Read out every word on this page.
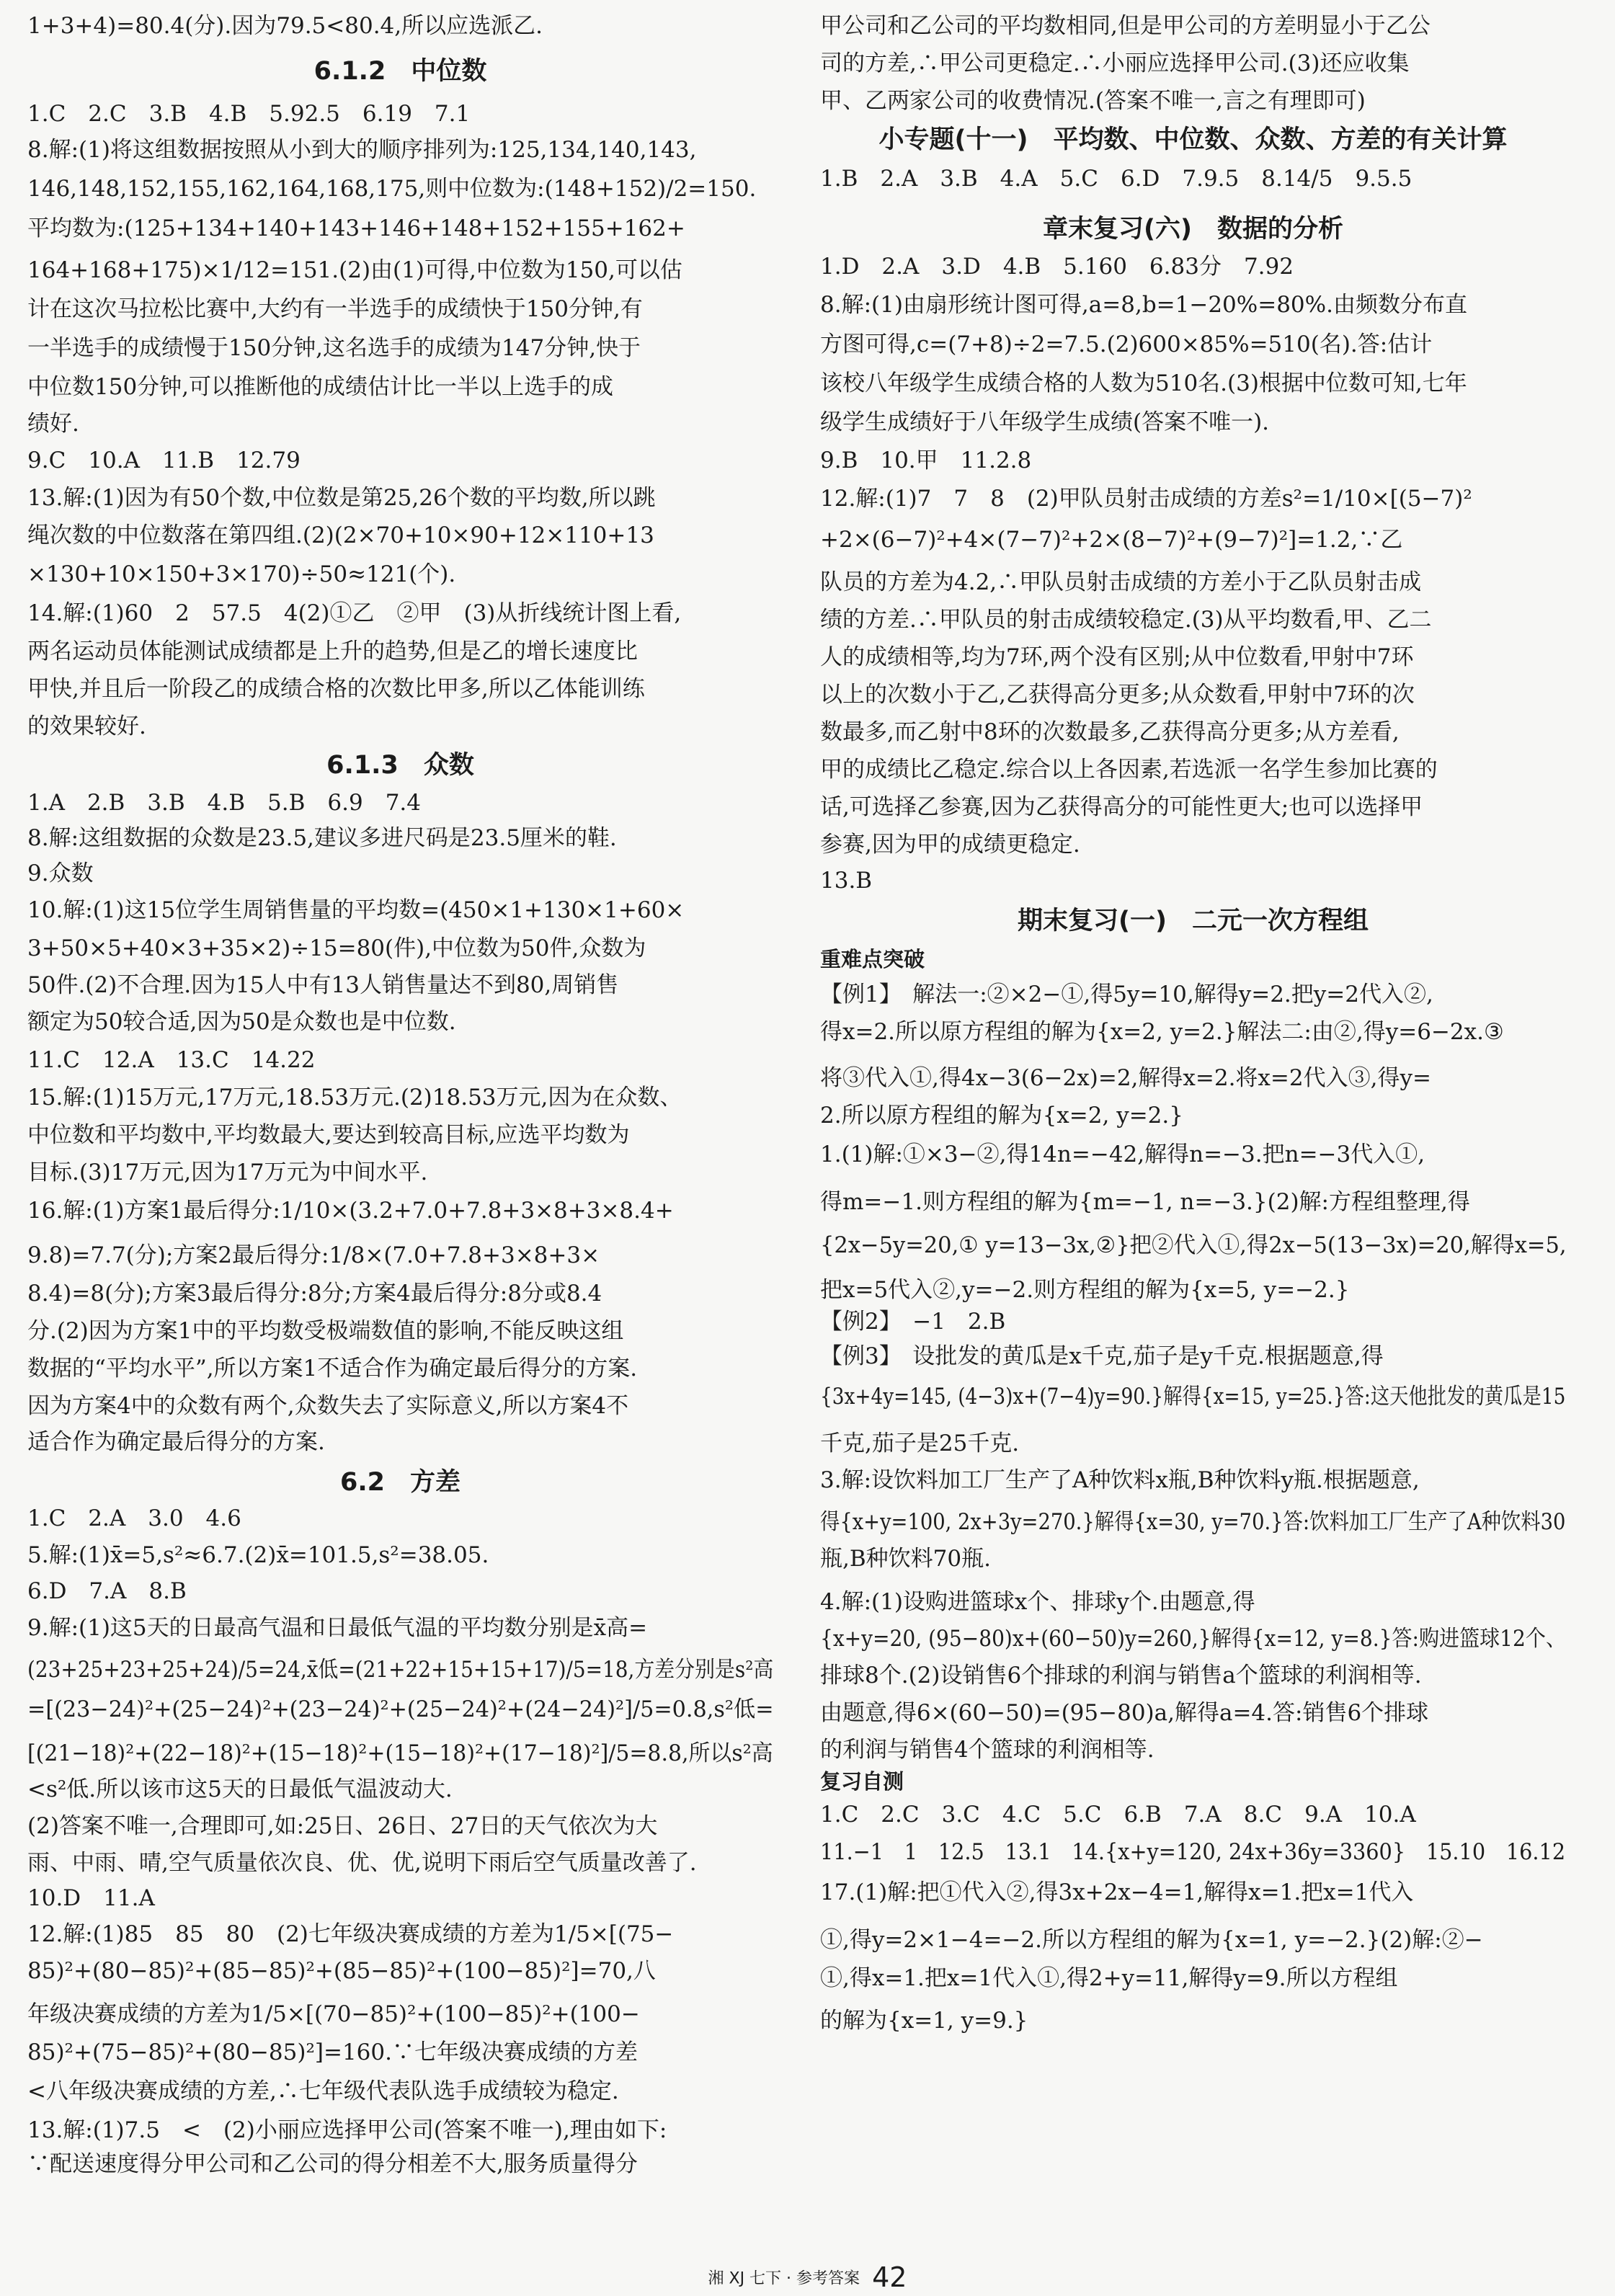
1+3+4)=80.4(分).因为79.5<80.4,所以应选派乙.
6.1.2　中位数
1.C　2.C　3.B　4.B　5.92.5　6.19　7.1
8.解:(1)将这组数据按照从小到大的顺序排列为:125,134,140,143,
146,148,152,155,162,164,168,175,则中位数为:(148+152)/2=150.
平均数为:(125+134+140+143+146+148+152+155+162+
164+168+175)×1/12=151.(2)由(1)可得,中位数为150,可以估
计在这次马拉松比赛中,大约有一半选手的成绩快于150分钟,有
一半选手的成绩慢于150分钟,这名选手的成绩为147分钟,快于
中位数150分钟,可以推断他的成绩估计比一半以上选手的成
绩好.
9.C　10.A　11.B　12.79
13.解:(1)因为有50个数,中位数是第25,26个数的平均数,所以跳
绳次数的中位数落在第四组.(2)(2×70+10×90+12×110+13
×130+10×150+3×170)÷50≈121(个).
14.解:(1)60　2　57.5　4(2)①乙　②甲　(3)从折线统计图上看,
两名运动员体能测试成绩都是上升的趋势,但是乙的增长速度比
甲快,并且后一阶段乙的成绩合格的次数比甲多,所以乙体能训练
的效果较好.
6.1.3　众数
1.A　2.B　3.B　4.B　5.B　6.9　7.4
8.解:这组数据的众数是23.5,建议多进尺码是23.5厘米的鞋.
9.众数
10.解:(1)这15位学生周销售量的平均数=(450×1+130×1+60×
3+50×5+40×3+35×2)÷15=80(件),中位数为50件,众数为
50件.(2)不合理.因为15人中有13人销售量达不到80,周销售
额定为50较合适,因为50是众数也是中位数.
11.C　12.A　13.C　14.22
15.解:(1)15万元,17万元,18.53万元.(2)18.53万元,因为在众数、
中位数和平均数中,平均数最大,要达到较高目标,应选平均数为
目标.(3)17万元,因为17万元为中间水平.
16.解:(1)方案1最后得分:1/10×(3.2+7.0+7.8+3×8+3×8.4+
9.8)=7.7(分);方案2最后得分:1/8×(7.0+7.8+3×8+3×
8.4)=8(分);方案3最后得分:8分;方案4最后得分:8分或8.4
分.(2)因为方案1中的平均数受极端数值的影响,不能反映这组
数据的“平均水平”,所以方案1不适合作为确定最后得分的方案.
因为方案4中的众数有两个,众数失去了实际意义,所以方案4不
适合作为确定最后得分的方案.
6.2　方差
1.C　2.A　3.0　4.6
5.解:(1)x̄=5,s²≈6.7.(2)x̄=101.5,s²=38.05.
6.D　7.A　8.B
9.解:(1)这5天的日最高气温和日最低气温的平均数分别是x̄高=
(23+25+23+25+24)/5=24,x̄低=(21+22+15+15+17)/5=18,方差分别是s²高
=[(23−24)²+(25−24)²+(23−24)²+(25−24)²+(24−24)²]/5=0.8,s²低=
[(21−18)²+(22−18)²+(15−18)²+(15−18)²+(17−18)²]/5=8.8,所以s²高
<s²低.所以该市这5天的日最低气温波动大.
(2)答案不唯一,合理即可,如:25日、26日、27日的天气依次为大
雨、中雨、晴,空气质量依次良、优、优,说明下雨后空气质量改善了.
10.D　11.A
12.解:(1)85　85　80　(2)七年级决赛成绩的方差为1/5×[(75−
85)²+(80−85)²+(85−85)²+(85−85)²+(100−85)²]=70,八
年级决赛成绩的方差为1/5×[(70−85)²+(100−85)²+(100−
85)²+(75−85)²+(80−85)²]=160.∵七年级决赛成绩的方差
<八年级决赛成绩的方差,∴七年级代表队选手成绩较为稳定.
13.解:(1)7.5　<　(2)小丽应选择甲公司(答案不唯一),理由如下:
∵配送速度得分甲公司和乙公司的得分相差不大,服务质量得分
甲公司和乙公司的平均数相同,但是甲公司的方差明显小于乙公
司的方差,∴甲公司更稳定.∴小丽应选择甲公司.(3)还应收集
甲、乙两家公司的收费情况.(答案不唯一,言之有理即可)
小专题(十一)　平均数、中位数、众数、方差的有关计算
1.B　2.A　3.B　4.A　5.C　6.D　7.9.5　8.14/5　9.5.5
章末复习(六)　数据的分析
1.D　2.A　3.D　4.B　5.160　6.83分　7.92
8.解:(1)由扇形统计图可得,a=8,b=1−20%=80%.由频数分布直
方图可得,c=(7+8)÷2=7.5.(2)600×85%=510(名).答:估计
该校八年级学生成绩合格的人数为510名.(3)根据中位数可知,七年
级学生成绩好于八年级学生成绩(答案不唯一).
9.B　10.甲　11.2.8
12.解:(1)7　7　8　(2)甲队员射击成绩的方差s²=1/10×[(5−7)²
+2×(6−7)²+4×(7−7)²+2×(8−7)²+(9−7)²]=1.2,∵乙
队员的方差为4.2,∴甲队员射击成绩的方差小于乙队员射击成
绩的方差.∴甲队员的射击成绩较稳定.(3)从平均数看,甲、乙二
人的成绩相等,均为7环,两个没有区别;从中位数看,甲射中7环
以上的次数小于乙,乙获得高分更多;从众数看,甲射中7环的次
数最多,而乙射中8环的次数最多,乙获得高分更多;从方差看,
甲的成绩比乙稳定.综合以上各因素,若选派一名学生参加比赛的
话,可选择乙参赛,因为乙获得高分的可能性更大;也可以选择甲
参赛,因为甲的成绩更稳定.
13.B
期末复习(一)　二元一次方程组
重难点突破
【例1】　解法一:②×2−①,得5y=10,解得y=2.把y=2代入②,
得x=2.所以原方程组的解为{x=2, y=2.}解法二:由②,得y=6−2x.③
将③代入①,得4x−3(6−2x)=2,解得x=2.将x=2代入③,得y=
2.所以原方程组的解为{x=2, y=2.}
1.(1)解:①×3−②,得14n=−42,解得n=−3.把n=−3代入①,
得m=−1.则方程组的解为{m=−1, n=−3.}(2)解:方程组整理,得
{2x−5y=20,① y=13−3x,②}把②代入①,得2x−5(13−3x)=20,解得x=5,
把x=5代入②,y=−2.则方程组的解为{x=5, y=−2.}
【例2】　−1　2.B
【例3】　设批发的黄瓜是x千克,茄子是y千克.根据题意,得
{3x+4y=145, (4−3)x+(7−4)y=90.}解得{x=15, y=25.}答:这天他批发的黄瓜是15
千克,茄子是25千克.
3.解:设饮料加工厂生产了A种饮料x瓶,B种饮料y瓶.根据题意,
得{x+y=100, 2x+3y=270.}解得{x=30, y=70.}答:饮料加工厂生产了A种饮料30
瓶,B种饮料70瓶.
4.解:(1)设购进篮球x个、排球y个.由题意,得
{x+y=20, (95−80)x+(60−50)y=260,}解得{x=12, y=8.}答:购进篮球12个、
排球8个.(2)设销售6个排球的利润与销售a个篮球的利润相等.
由题意,得6×(60−50)=(95−80)a,解得a=4.答:销售6个排球
的利润与销售4个篮球的利润相等.
复习自测
1.C　2.C　3.C　4.C　5.C　6.B　7.A　8.C　9.A　10.A
11.−1　1　12.5　13.1　14.{x+y=120, 24x+36y=3360}　15.10　16.12
17.(1)解:把①代入②,得3x+2x−4=1,解得x=1.把x=1代入
①,得y=2×1−4=−2.所以方程组的解为{x=1, y=−2.}(2)解:②−
①,得x=1.把x=1代入①,得2+y=11,解得y=9.所以方程组
的解为{x=1, y=9.}
湘 XJ 七下 · 参考答案 42
